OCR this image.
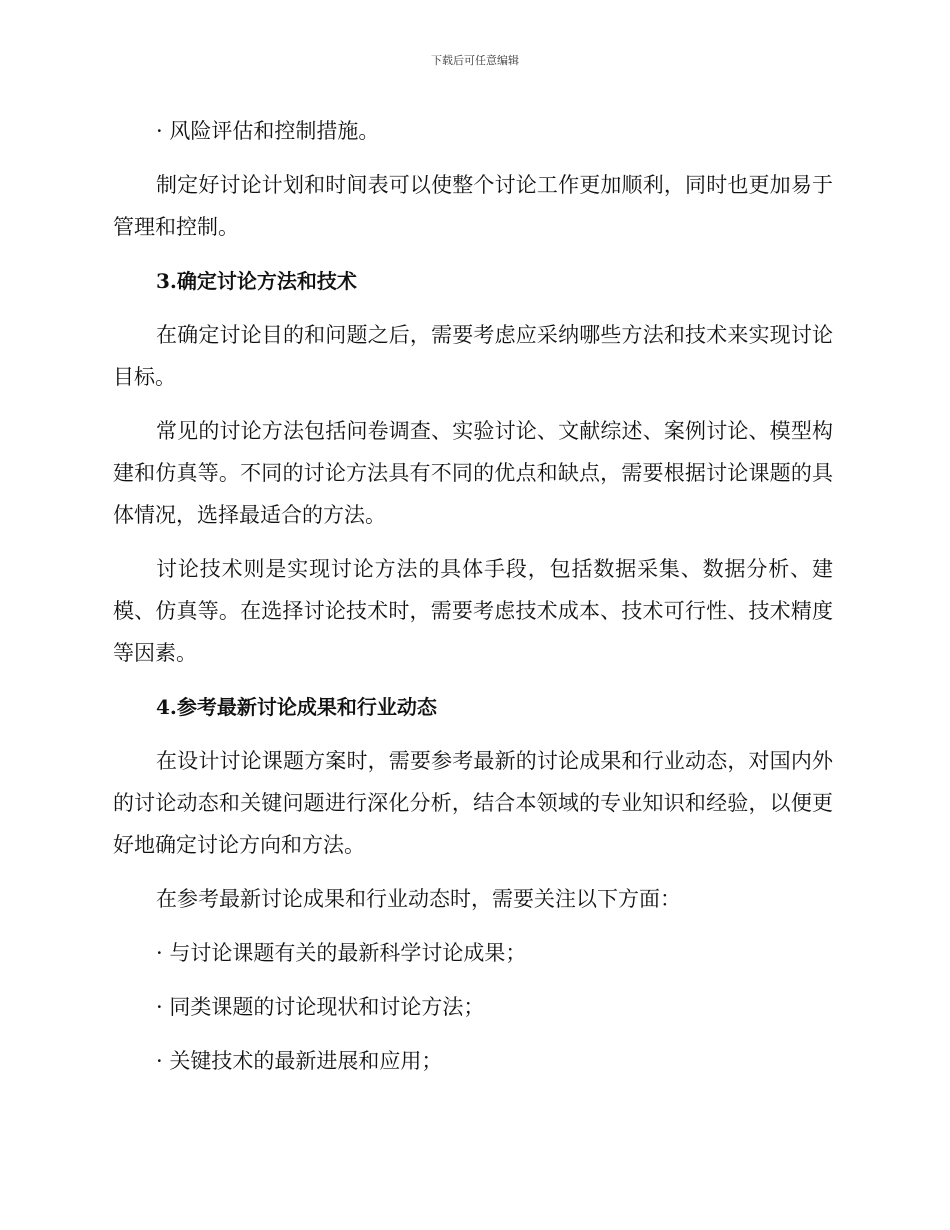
下载后可任意编辑
· 风险评估和控制措施。
制定好讨论计划和时间表可以使整个讨论工作更加顺利，同时也更加易于管理和控制。
3.确定讨论方法和技术
在确定讨论目的和问题之后，需要考虑应采纳哪些方法和技术来实现讨论目标。
常见的讨论方法包括问卷调查、实验讨论、文献综述、案例讨论、模型构建和仿真等。不同的讨论方法具有不同的优点和缺点，需要根据讨论课题的具体情况，选择最适合的方法。
讨论技术则是实现讨论方法的具体手段，包括数据采集、数据分析、建模、仿真等。在选择讨论技术时，需要考虑技术成本、技术可行性、技术精度等因素。
4.参考最新讨论成果和行业动态
在设计讨论课题方案时，需要参考最新的讨论成果和行业动态，对国内外的讨论动态和关键问题进行深化分析，结合本领域的专业知识和经验，以便更好地确定讨论方向和方法。
在参考最新讨论成果和行业动态时，需要关注以下方面：
· 与讨论课题有关的最新科学讨论成果；
· 同类课题的讨论现状和讨论方法；
· 关键技术的最新进展和应用；
